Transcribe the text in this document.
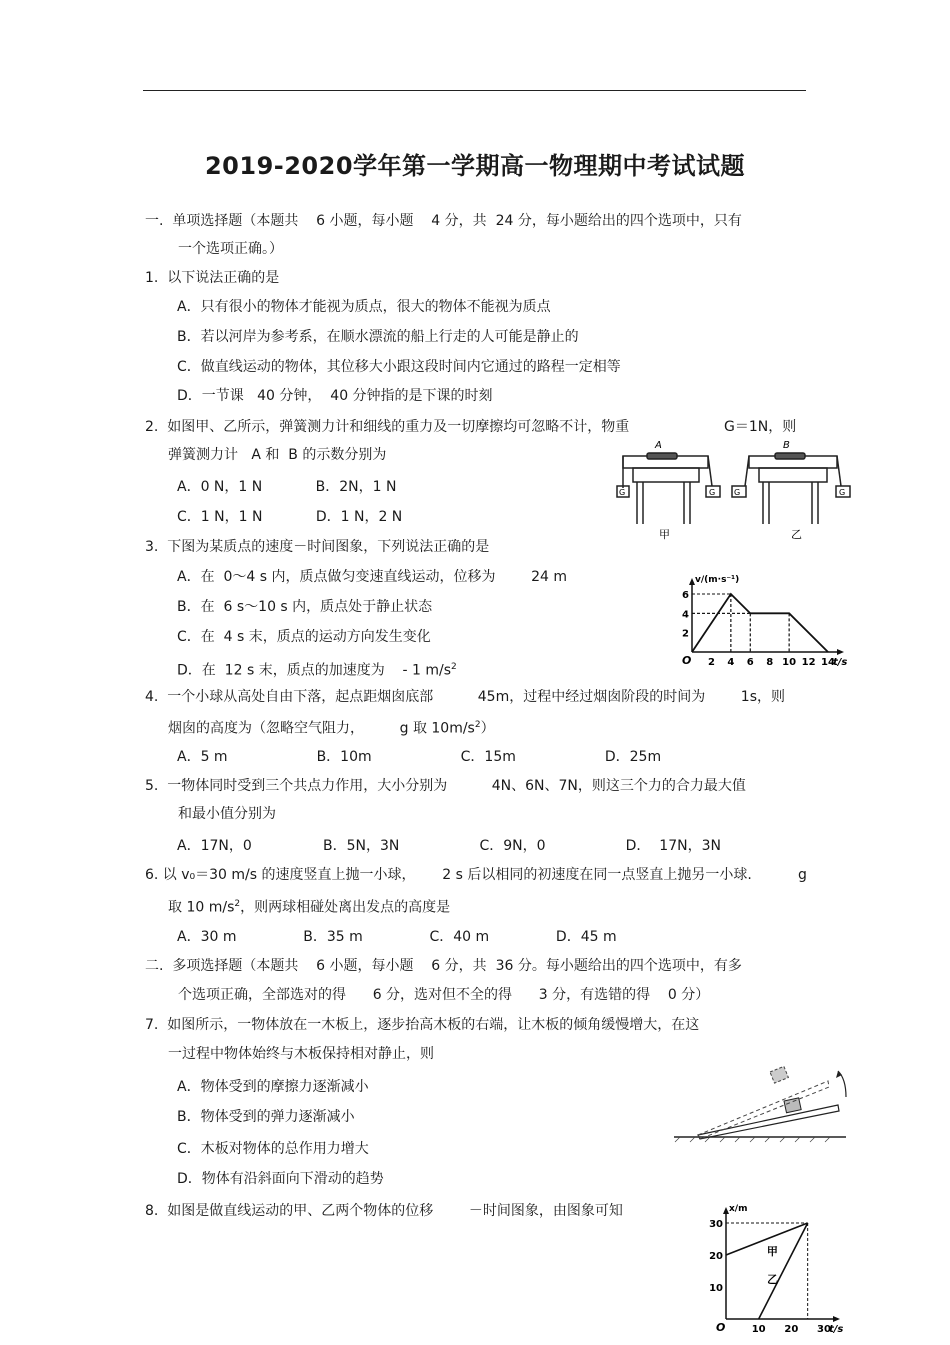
2019-2020学年第一学期高一物理期中考试试题
一.  单项选择题（本题共    6 小题，每小题    4 分，共  24 分，每小题给出的四个选项中，只有
一个选项正确。）
1.  以下说法正确的是
A．只有很小的物体才能视为质点，很大的物体不能视为质点
B．若以河岸为参考系，在顺水漂流的船上行走的人可能是静止的
C．做直线运动的物体，其位移大小跟这段时间内它通过的路程一定相等
D．一节课   40 分钟，  40 分钟指的是下课的时刻
2.  如图甲、乙所示，弹簧测力计和细线的重力及一切摩擦均可忽略不计，物重	G＝1N，则
弹簧测力计   A 和  B 的示数分别为
A．0 N，1 N            B．2N，1 N
C．1 N，1 N            D．1 N，2 N
A	B
G	G G	G
甲	乙
3.  下图为某质点的速度－时间图象，下列说法正确的是
A．在  0～4 s 内，质点做匀变速直线运动，位移为        24 m
B．在  6 s～10 s 内，质点处于静止状态
C．在  4 s 末，质点的运动方向发生变化
D．在  12 s 末，质点的加速度为    - 1 $m/s^2$	O
v/(m·s⁻¹)
t/s
2 4 6 8 10 12 14
2
4
6
4.  一个小球从高处自由下落，起点距烟囱底部          45m，过程中经过烟囱阶段的时间为        1s，则
烟囱的高度为（忽略空气阻力，        g 取 $10m/s^2$）
A．5 m                    B．10m                    C．15m                    D．25m
5.  一物体同时受到三个共点力作用，大小分别为          4N、6N、7N，则这三个力的合力最大值
和最小值分别为
A．17N，0                B．5N，3N                  C．9N，0                  D．  17N，3N
6. 以 v₀＝30 m/s 的速度竖直上抛一小球，      2 s 后以相同的初速度在同一点竖直上抛另一小球.	g
取 10 $m/s^2$，则两球相碰处离出发点的高度是
A．30 m               B．35 m               C．40 m               D．45 m
二.  多项选择题（本题共    6 小题，每小题    6 分，共  36 分。每小题给出的四个选项中，有多
个选项正确，全部选对的得      6 分，选对但不全的得      3 分，有选错的得    0 分）
7.  如图所示，一物体放在一木板上，逐步抬高木板的右端，让木板的倾角缓慢增大，在这
一过程中物体始终与木板保持相对静止，则
A．物体受到的摩擦力逐渐减小
B．物体受到的弹力逐渐减小
C．木板对物体的总作用力增大
D．物体有沿斜面向下滑动的趋势
8.  如图是做直线运动的甲、乙两个物体的位移        －时间图象，由图象可知
O
x/m
t/s
10 20 30
10
20
30
甲
乙
